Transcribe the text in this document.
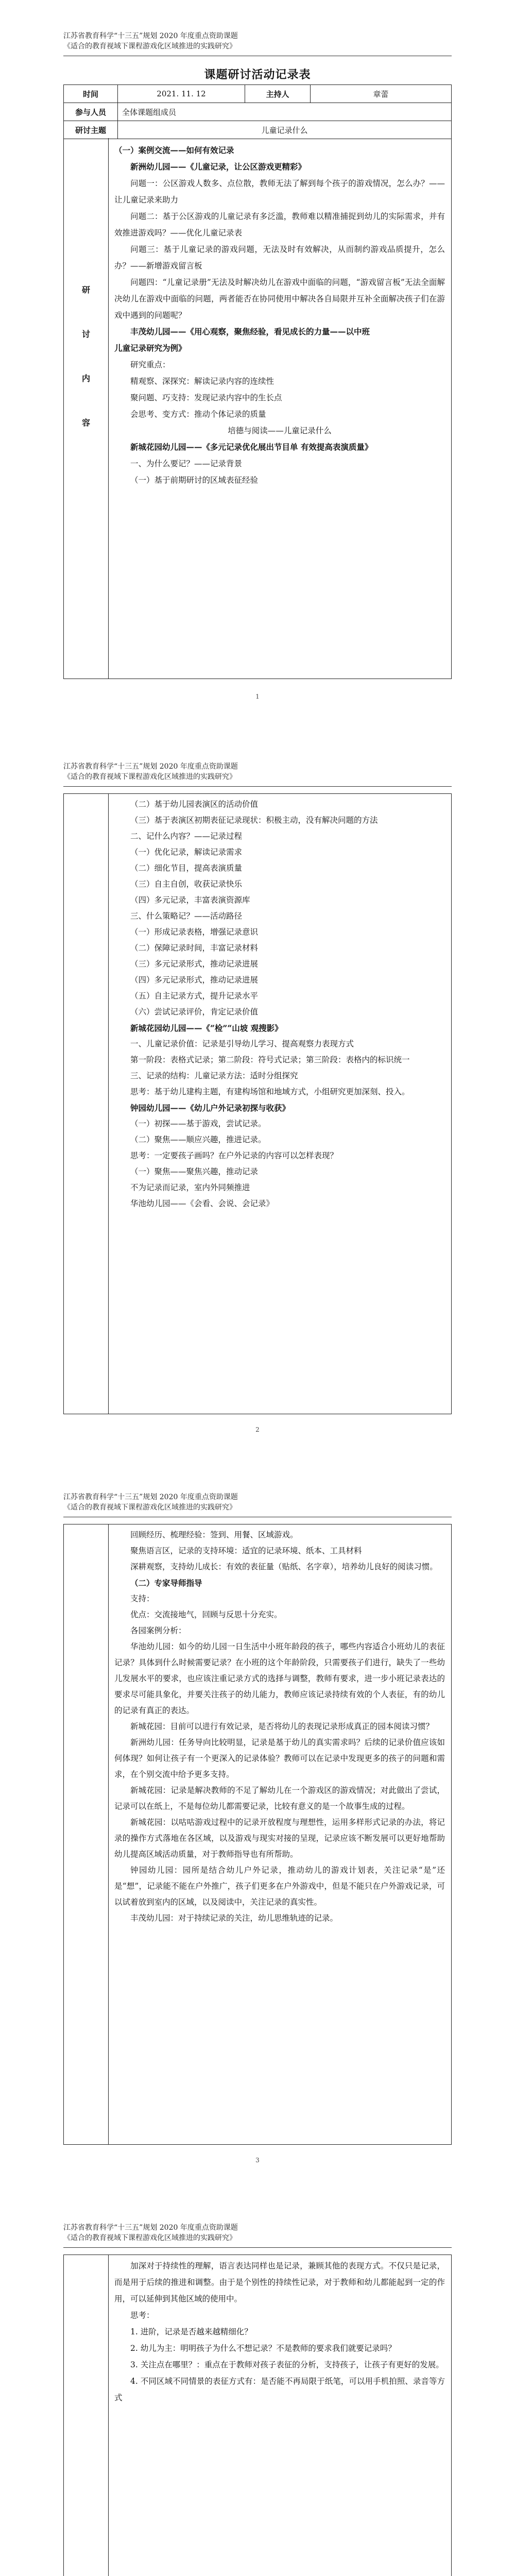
江苏省教育科学“十三五”规划 2020 年度重点资助课题
《适合的教育视域下课程游戏化区域推进的实践研究》
课题研讨活动记录表
时间	2021. 11. 12	主持人	章蕾
参与人员	全体课题组成员		
研讨主题	儿童记录什么		
研
讨
内
容

（一）案例交流——如何有效记录

新洲幼儿园——《儿童记录，让公区游戏更精彩》

问题一：公区游戏人数多、点位散，教师无法了解到每个孩子的游戏情况，怎么办？——让儿童记录来助力

问题二：基于公区游戏的儿童记录有多泛滥，教师难以精准捕捉到幼儿的实际需求，并有效推进游戏吗？——优化儿童记录表

问题三：基于儿童记录的游戏问题，无法及时有效解决，从而制约游戏品质提升，怎么办？——新增游戏留言板

问题四：“儿童记录册”无法及时解决幼儿在游戏中面临的问题，“游戏留言板”无法全面解决幼儿在游戏中面临的问题，两者能否在协同使用中解决各自局限并互补全面解决孩子们在游戏中遇到的问题呢？

丰茂幼儿园——《用心观察，聚焦经验，看见成长的力量——以中班

儿童记录研究为例》

研究重点：

精观察、深探究：解读记录内容的连续性

聚问题、巧支持：发现记录内容中的生长点

会思考、变方式：推动个体记录的质量

培德与阅读——儿童记录什么

新城花园幼儿园——《多元记录优化展出节目单 有效提高表演质量》

一、为什么要记？——记录背景

（一）基于前期研讨的区域表征经验

1
江苏省教育科学“十三五”规划 2020 年度重点资助课题
《适合的教育视域下课程游戏化区域推进的实践研究》

（二）基于幼儿园表演区的活动价值

（三）基于表演区初期表征记录现状：积极主动，没有解决问题的方法

二、记什么内容？——记录过程

（一）优化记录，解读记录需求

（二）细化节目，提高表演质量

（三）自主自创，收获记录快乐

（四）多元记录，丰富表演资源库

三、什么策略记？——活动路径

（一）形成记录表格，增强记录意识

（二）保障记录时间，丰富记录材料

（三）多元记录形式，推动记录进展

（四）多元记录形式，推动记录进展

（五）自主记录方式，提升记录水平

（六）尝试记录评价，肯定记录价值

新城花园幼儿园——《“检”“山坡 观搜影》

一、儿童记录价值：记录是引导幼儿学习、提高观察力表现方式

第一阶段：表格式记录；第二阶段：符号式记录；第三阶段：表格内的标识统一

三、记录的结构：儿童记录方法：适时分组探究

思考：基于幼儿建构主题，有建构场馆和地域方式，小组研究更加深刻、投入。

钟园幼儿园——《幼儿户外记录初探与收获》

（一）初探——基于游戏，尝试记录。

（二）聚焦——顺应兴趣，推进记录。

思考：一定要孩子画吗？在户外记录的内容可以怎样表现？

（一）聚焦——聚焦兴趣，推动记录

不为记录而记录，室内外同频推进

华池幼儿园——《会看、会说、会记录》

2
江苏省教育科学“十三五”规划 2020 年度重点资助课题
《适合的教育视域下课程游戏化区域推进的实践研究》

回顾经历、梳理经验：签到、用餐、区域游戏。

聚焦语言区，记录的支持环境：适宜的记录环境、纸本、工具材料

深耕观察，支持幼儿成长：有效的表征量（贴纸、名字章），培养幼儿良好的阅读习惯。

（二）专家导师指导

支持：

优点：交流接地气，回顾与反思十分充实。

各园案例分析：

华池幼儿园：如今的幼儿园一日生活中小班年龄段的孩子，哪些内容适合小班幼儿的表征记录？具体到什么时候需要记录？在小班的这个年龄阶段，只需要孩子们进行，缺失了一些幼儿发展水平的要求，也应该注重记录方式的选择与调整，教师有要求，进一步小班记录表达的要求尽可能具象化，并要关注孩子的幼儿能力，教师应该记录持续有效的个人表征，有的幼儿的记录有真正的表达。

新城花园：目前可以进行有效记录，是否将幼儿的表现记录形成真正的园本阅读习惯？

新洲幼儿园：任务导向比较明显，记录是基于幼儿的真实需求吗？后续的记录价值应该如何体现？如何让孩子有一个更深入的记录体验？教师可以在记录中发现更多的孩子的问题和需求，在个别交流中给予更多支持。

新城花园：记录是解决教师的不足了解幼儿在一个游戏区的游戏情况；对此做出了尝试，记录可以在纸上，不是每位幼儿都需要记录，比较有意义的是一个故事生成的过程。

新城花园：以咕咕游戏过程中的记录开放程度与理想性，运用多样形式记录的办法，将记录的操作方式落地在各区域，以及游戏与现实对接的呈现，记录应该不断发展可以更好地帮助幼儿提高区域活动质量，对于教师指导也有所帮助。

钟园幼儿园：园所是结合幼儿户外记录，推动幼儿的游戏计划表，关注记录“是”还是“想”，记录能不能在户外推广，孩子们更多在户外游戏中，但是不能只在户外游戏记录，可以试着放到室内的区域，以及阅读中，关注记录的真实性。

丰茂幼儿园：对于持续记录的关注，幼儿思维轨迹的记录。

3
江苏省教育科学“十三五”规划 2020 年度重点资助课题
《适合的教育视域下课程游戏化区域推进的实践研究》

加深对于持续性的理解，语言表达同样也是记录，兼顾其他的表现方式。不仅只是记录，而是用于后续的推进和调整。由于是个别性的持续性记录，对于教师和幼儿都能起到一定的作用，可以延伸到其他区域的使用中。

思考：

1. 进阶，记录是否越来越精细化？

2. 幼儿为主：明明孩子为什么不想记录？不是教师的要求我们就要记录吗？

3. 关注点在哪里？：重点在于教师对孩子表征的分析，支持孩子，让孩子有更好的发展。

4. 不同区域不同情景的表征方式有：是否能不再局限于纸笔，可以用手机拍照、录音等方式
